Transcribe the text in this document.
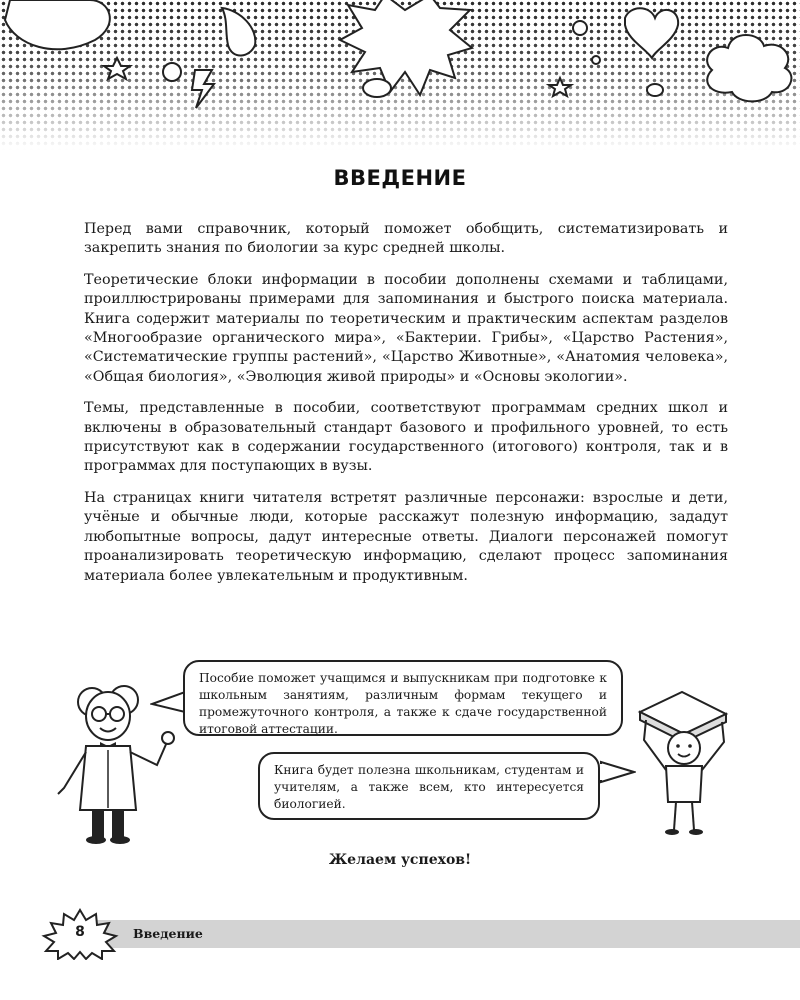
ВВЕДЕНИЕ

Перед вами справочник, который поможет обобщить, систематизировать и закрепить знания по биологии за курс средней школы.

Теоретические блоки информации в пособии дополнены схемами и таблицами, проиллюстрированы примерами для запоминания и быстрого поиска материала. Книга содержит материалы по теоретическим и практическим аспектам разделов «Многообразие органического мира», «Бактерии. Грибы», «Царство Растения», «Систематические группы растений», «Царство Животные», «Анатомия человека», «Общая биология», «Эволюция живой природы» и «Основы экологии».

Темы, представленные в пособии, соответствуют программам средних школ и включены в образовательный стандарт базового и профильного уровней, то есть присутствуют как в содержании государственного (итогового) контроля, так и в программах для поступающих в вузы.

На страницах книги читателя встретят различные персонажи: взрослые и дети, учёные и обычные люди, которые расскажут полезную информацию, зададут любопытные вопросы, дадут интересные ответы. Диалоги персонажей помогут проанализировать теоретическую информацию, сделают процесс запоминания материала более увлекательным и продуктивным.

Пособие поможет учащимся и выпускникам при подготовке к школьным занятиям, различным формам текущего и промежуточного контроля, а также к сдаче государственной итоговой аттестации.
Книга будет полезна школьникам, студентам и учителям, а также всем, кто интересуется биологией.
Желаем успехов!
8	Введение
